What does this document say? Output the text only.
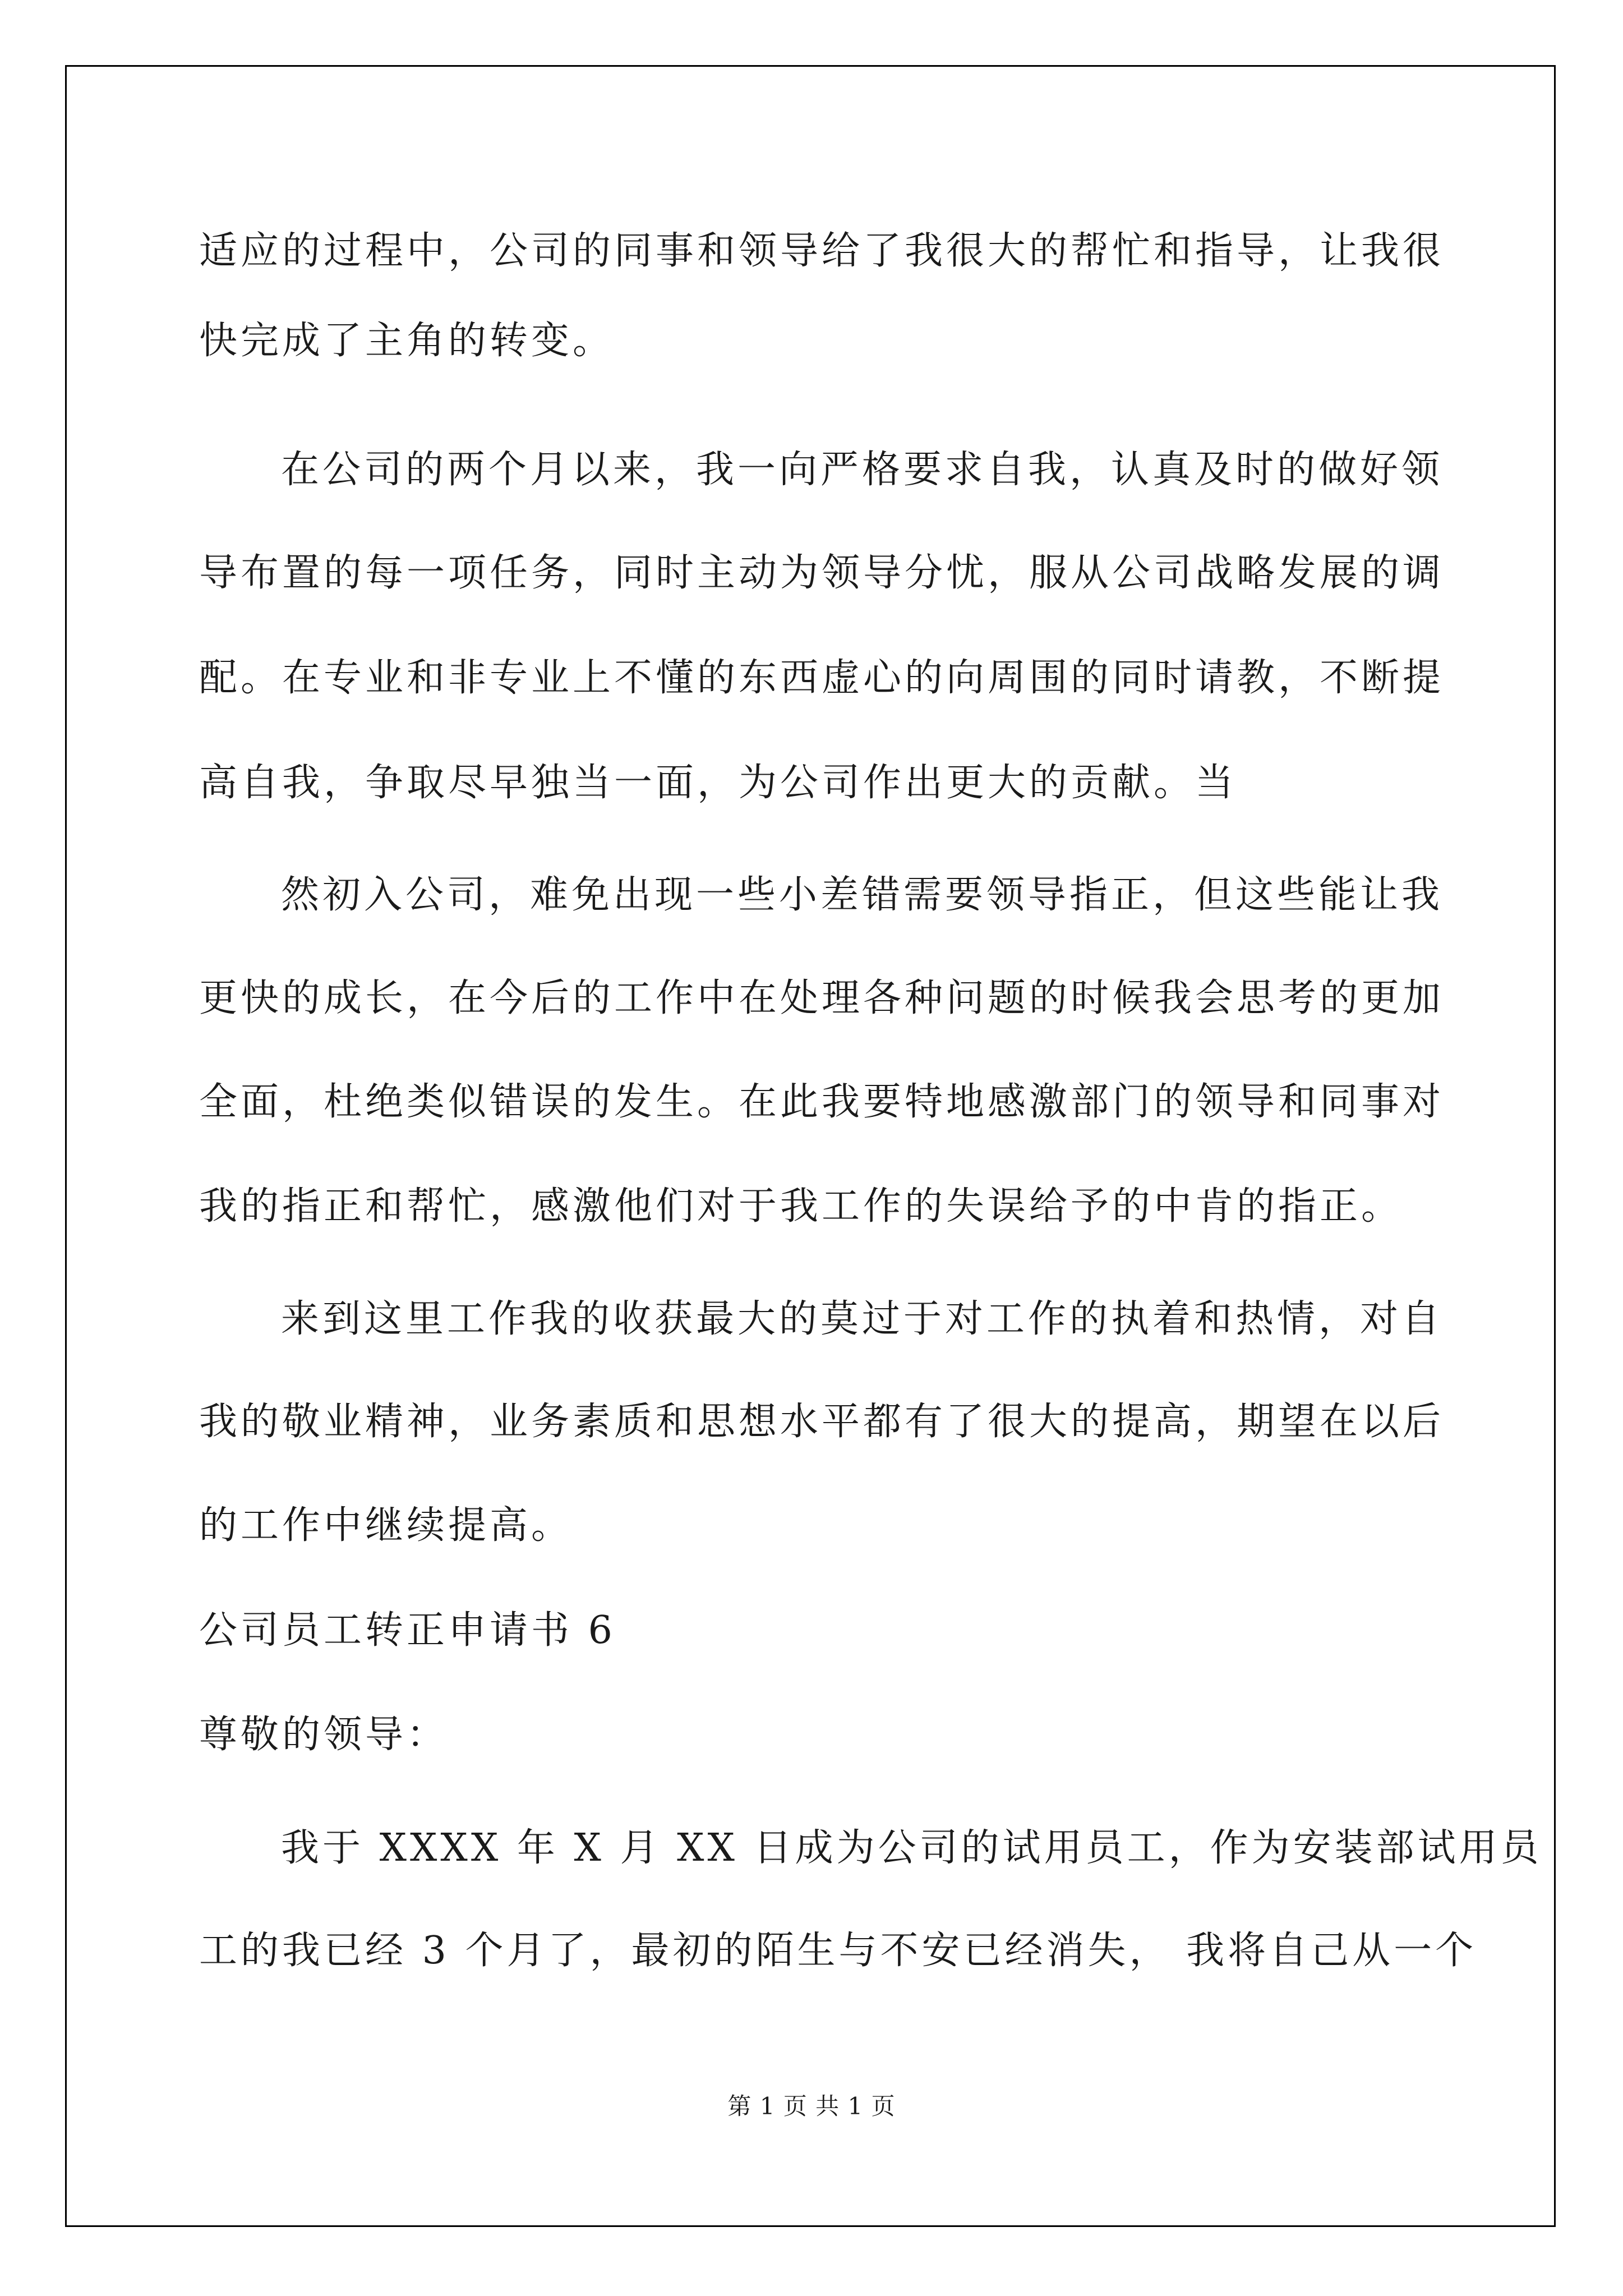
适应的过程中，公司的同事和领导给了我很大的帮忙和指导，让我很
快完成了主角的转变。
在公司的两个月以来，我一向严格要求自我，认真及时的做好领
导布置的每一项任务，同时主动为领导分忧，服从公司战略发展的调
配。在专业和非专业上不懂的东西虚心的向周围的同时请教，不断提
高自我，争取尽早独当一面，为公司作出更大的贡献。当
然初入公司，难免出现一些小差错需要领导指正，但这些能让我
更快的成长，在今后的工作中在处理各种问题的时候我会思考的更加
全面，杜绝类似错误的发生。在此我要特地感激部门的领导和同事对
我的指正和帮忙，感激他们对于我工作的失误给予的中肯的指正。
来到这里工作我的收获最大的莫过于对工作的执着和热情，对自
我的敬业精神，业务素质和思想水平都有了很大的提高，期望在以后
的工作中继续提高。
公司员工转正申请书 6
尊敬的领导：
我于 XXXX 年 X 月 XX 日成为公司的试用员工，作为安装部试用员
工的我已经 3 个月了，最初的陌生与不安已经消失， 我将自己从一个
第 1 页 共 1 页
